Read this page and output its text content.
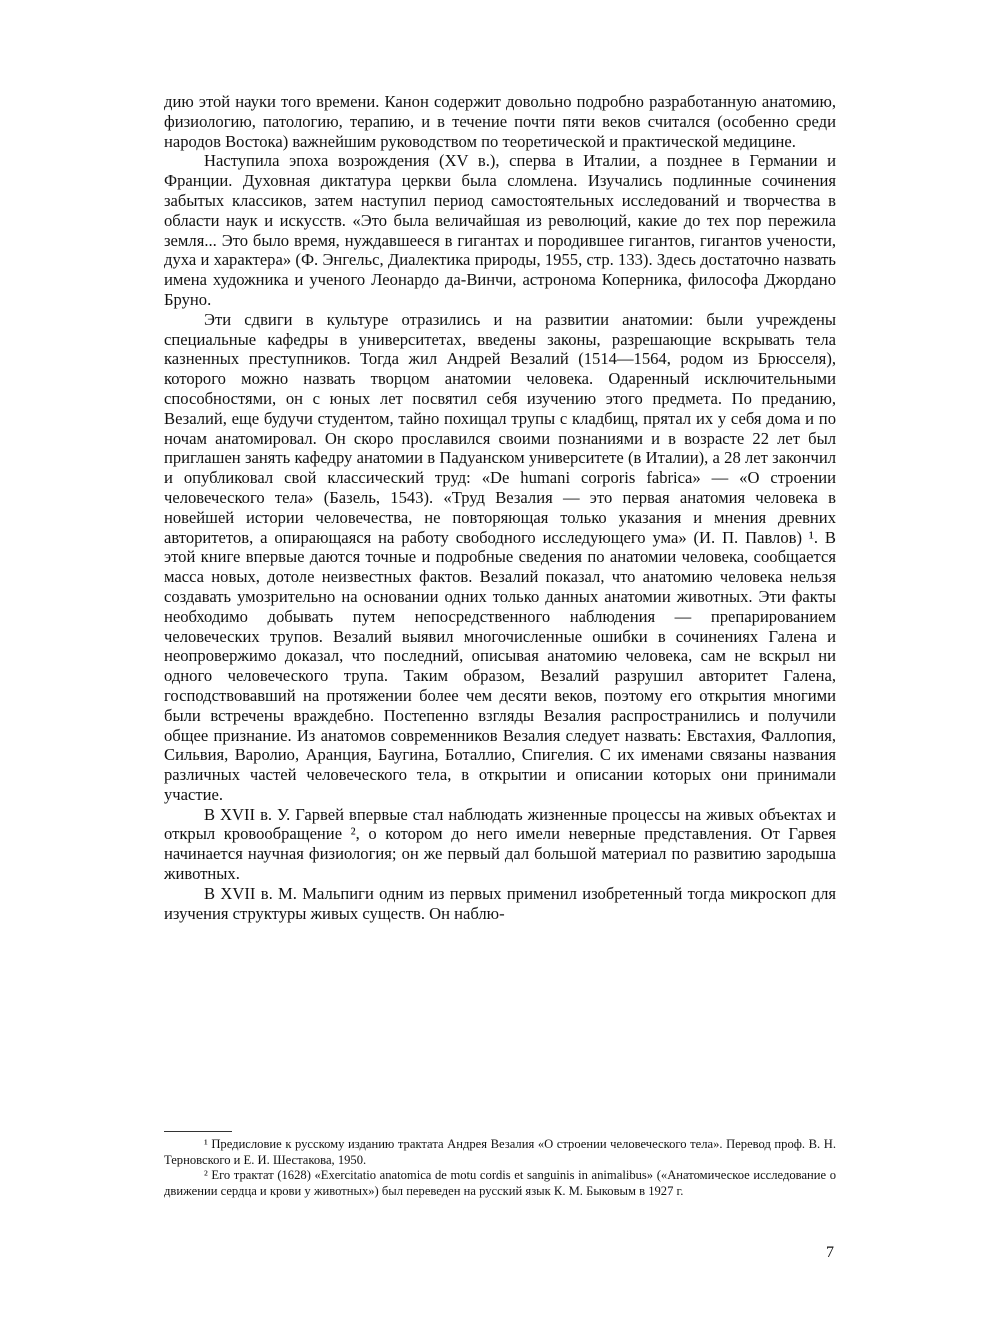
дию этой науки того времени. Канон содержит довольно подробно разработанную анатомию, физиологию, патологию, терапию, и в течение почти пяти веков считался (особенно среди народов Востока) важнейшим руководством по теоретической и практической медицине.

Наступила эпоха возрождения (XV в.), сперва в Италии, а позднее в Германии и Франции. Духовная диктатура церкви была сломлена. Изучались подлинные сочинения забытых классиков, затем наступил период самостоятельных исследований и творчества в области наук и искусств. «Это была величайшая из революций, какие до тех пор пережила земля... Это было время, нуждавшееся в гигантах и породившее гигантов, гигантов учености, духа и характера» (Ф. Энгельс, Диалектика природы, 1955, стр. 133). Здесь достаточно назвать имена художника и ученого Леонардо да-Винчи, астронома Коперника, философа Джордано Бруно.

Эти сдвиги в культуре отразились и на развитии анатомии: были учреждены специальные кафедры в университетах, введены законы, разрешающие вскрывать тела казненных преступников. Тогда жил Андрей Везалий (1514—1564, родом из Брюсселя), которого можно назвать творцом анатомии человека. Одаренный исключительными способностями, он с юных лет посвятил себя изучению этого предмета. По преданию, Везалий, еще будучи студентом, тайно похищал трупы с кладбищ, прятал их у себя дома и по ночам анатомировал. Он скоро прославился своими познаниями и в возрасте 22 лет был приглашен занять кафедру анатомии в Падуанском университете (в Италии), а 28 лет закончил и опубликовал свой классический труд: «De humani corporis fabrica» — «О строении человеческого тела» (Базель, 1543). «Труд Везалия — это первая анатомия человека в новейшей истории человечества, не повторяющая только указания и мнения древних авторитетов, а опирающаяся на работу свободного исследующего ума» (И. П. Павлов) ¹. В этой книге впервые даются точные и подробные сведения по анатомии человека, сообщается масса новых, дотоле неизвестных фактов. Везалий показал, что анатомию человека нельзя создавать умозрительно на основании одних только данных анатомии животных. Эти факты необходимо добывать путем непосредственного наблюдения — препарированием человеческих трупов. Везалий выявил многочисленные ошибки в сочинениях Галена и неопровержимо доказал, что последний, описывая анатомию человека, сам не вскрыл ни одного человеческого трупа. Таким образом, Везалий разрушил авторитет Галена, господствовавший на протяжении более чем десяти веков, поэтому его открытия многими были встречены враждебно. Постепенно взгляды Везалия распространились и получили общее признание. Из анатомов современников Везалия следует назвать: Евстахия, Фаллопия, Сильвия, Варолио, Аранция, Баугина, Боталлио, Спигелия. С их именами связаны названия различных частей человеческого тела, в открытии и описании которых они принимали участие.

В XVII в. У. Гарвей впервые стал наблюдать жизненные процессы на живых объектах и открыл кровообращение ², о котором до него имели неверные представления. От Гарвея начинается научная физиология; он же первый дал большой материал по развитию зародыша животных.

В XVII в. М. Мальпиги одним из первых применил изобретенный тогда микроскоп для изучения структуры живых существ. Он наблю-

¹ Предисловие к русскому изданию трактата Андрея Везалия «О строении человеческого тела». Перевод проф. В. Н. Терновского и Е. И. Шестакова, 1950.

² Его трактат (1628) «Exercitatio anatomica de motu cordis et sanguinis in animalibus» («Анатомическое исследование о движении сердца и крови у животных») был переведен на русский язык К. М. Быковым в 1927 г.

7
